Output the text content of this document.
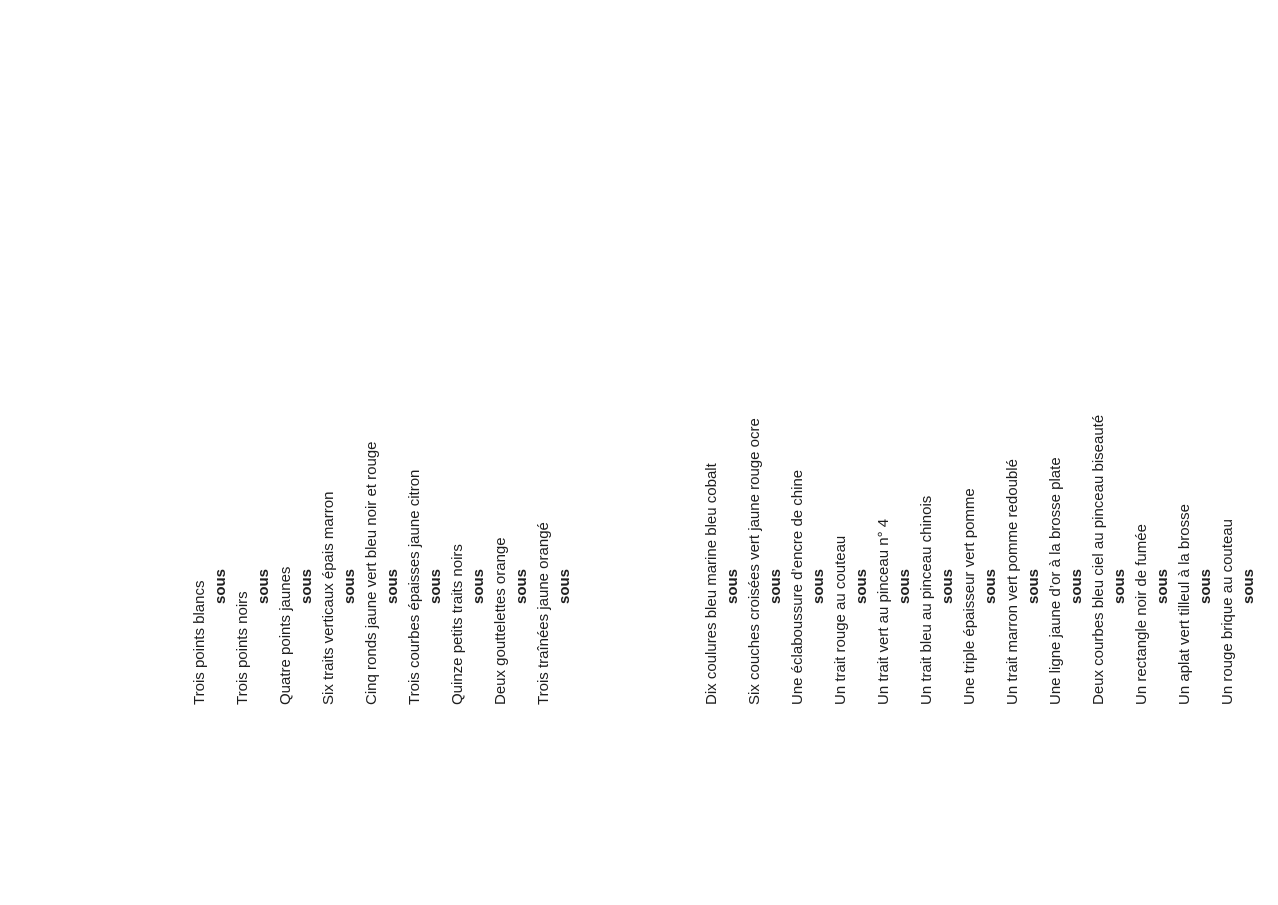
Trois points blancs sous
Trois points noirs
sous Quatre points jaunes sous Six traits verticaux épais marron sous Cinq ronds jaune vert bleu noir et rouge sous Trois courbes épaisses jaune citron sous Quinze petits traits noirs sous Deux gouttelettes orange sous Trois traînées jaune orangé sous	Dix coulures bleu marine bleu cobalt sous Six couches croisées vert jaune rouge ocre sous Une éclaboussure d’encre de chine sous Un trait rouge au couteau sous Un trait vert au pinceau n° 4 sous Un trait bleu au pinceau chinois sous Une triple épaisseur vert pomme sous Un trait marron vert pomme redoublé sous Une ligne jaune d’or à la brosse plate sous Deux courbes bleu ciel au pinceau biseauté sous Un rectangle noir de fumée sous Un aplat vert tilleul à la brosse sous Un rouge brique au couteau sous
